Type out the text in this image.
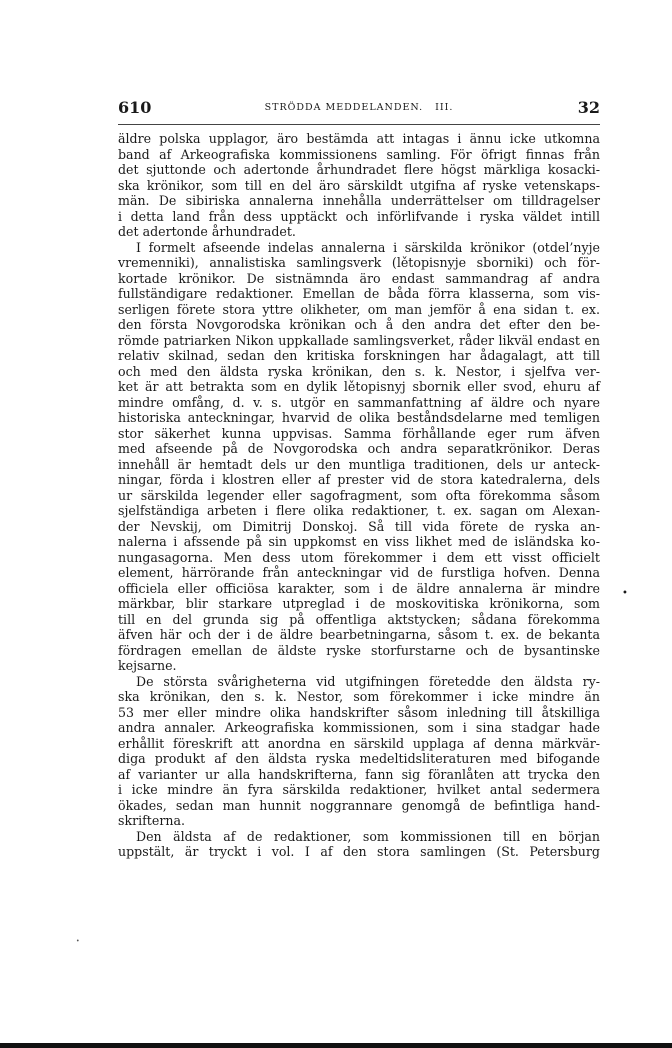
610	STRÖDDA MEDDELANDEN. III.	32
äldre polska upplagor, äro bestämda att intagas i ännu icke utkomna
band af Arkeografiska kommissionens samling. För öfrigt finnas från
det sjuttonde och adertonde århundradet flere högst märkliga kosacki-
ska krönikor, som till en del äro särskildt utgifna af ryske vetenskaps-
män. De sibiriska annalerna innehålla underrättelser om tilldragelser
i detta land från dess upptäckt och införlifvande i ryska väldet intill
det adertonde århundradet.
I formelt afseende indelas annalerna i särskilda krönikor (otdel’nyje
vremenniki), annalistiska samlingsverk (lětopisnyje sborniki) och för-
kortade krönikor. De sistnämnda äro endast sammandrag af andra
fullständigare redaktioner. Emellan de båda förra klasserna, som vis-
serligen förete stora yttre olikheter, om man jemför å ena sidan t. ex.
den första Novgorodska krönikan och å den andra det efter den be-
römde patriarken Nikon uppkallade samlingsverket, råder likväl endast en
relativ skilnad, sedan den kritiska forskningen har ådagalagt, att till
och med den äldsta ryska krönikan, den s. k. Nestor, i sjelfva ver-
ket är att betrakta som en dylik lětopisnyj sbornik eller svod, ehuru af
mindre omfång, d. v. s. utgör en sammanfattning af äldre och nyare
historiska anteckningar, hvarvid de olika beståndsdelarne med temligen
stor säkerhet kunna uppvisas. Samma förhållande eger rum äfven
med afseende på de Novgorodska och andra separatkrönikor. Deras
innehåll är hemtadt dels ur den muntliga traditionen, dels ur anteck-
ningar, förda i klostren eller af prester vid de stora katedralerna, dels
ur särskilda legender eller sagofragment, som ofta förekomma såsom
sjelfständiga arbeten i flere olika redaktioner, t. ex. sagan om Alexan-
der Nevskij, om Dimitrij Donskoj. Så till vida förete de ryska an-
nalerna i afssende på sin uppkomst en viss likhet med de isländska ko-
nungasagorna. Men dess utom förekommer i dem ett visst officielt
element, härrörande från anteckningar vid de furstliga hofven. Denna
officiela eller officiösa karakter, som i de äldre annalerna är mindre
märkbar, blir starkare utpreglad i de moskovitiska krönikorna, som
till en del grunda sig på offentliga aktstycken; sådana förekomma
äfven här och der i de äldre bearbetningarna, såsom t. ex. de bekanta
fördragen emellan de äldste ryske storfurstarne och de bysantinske
kejsarne.
De största svårigheterna vid utgifningen företedde den äldsta ry-
ska krönikan, den s. k. Nestor, som förekommer i icke mindre än
53 mer eller mindre olika handskrifter såsom inledning till åtskilliga
andra annaler. Arkeografiska kommissionen, som i sina stadgar hade
erhållit föreskrift att anordna en särskild upplaga af denna märkvär-
diga produkt af den äldsta ryska medeltidsliteraturen med bifogande
af varianter ur alla handskrifterna, fann sig föranlåten att trycka den
i icke mindre än fyra särskilda redaktioner, hvilket antal sedermera
ökades, sedan man hunnit noggrannare genomgå de befintliga hand-
skrifterna.
Den äldsta af de redaktioner, som kommissionen till en början
uppstält, är tryckt i vol. I af den stora samlingen (St. Petersburg
•
•
